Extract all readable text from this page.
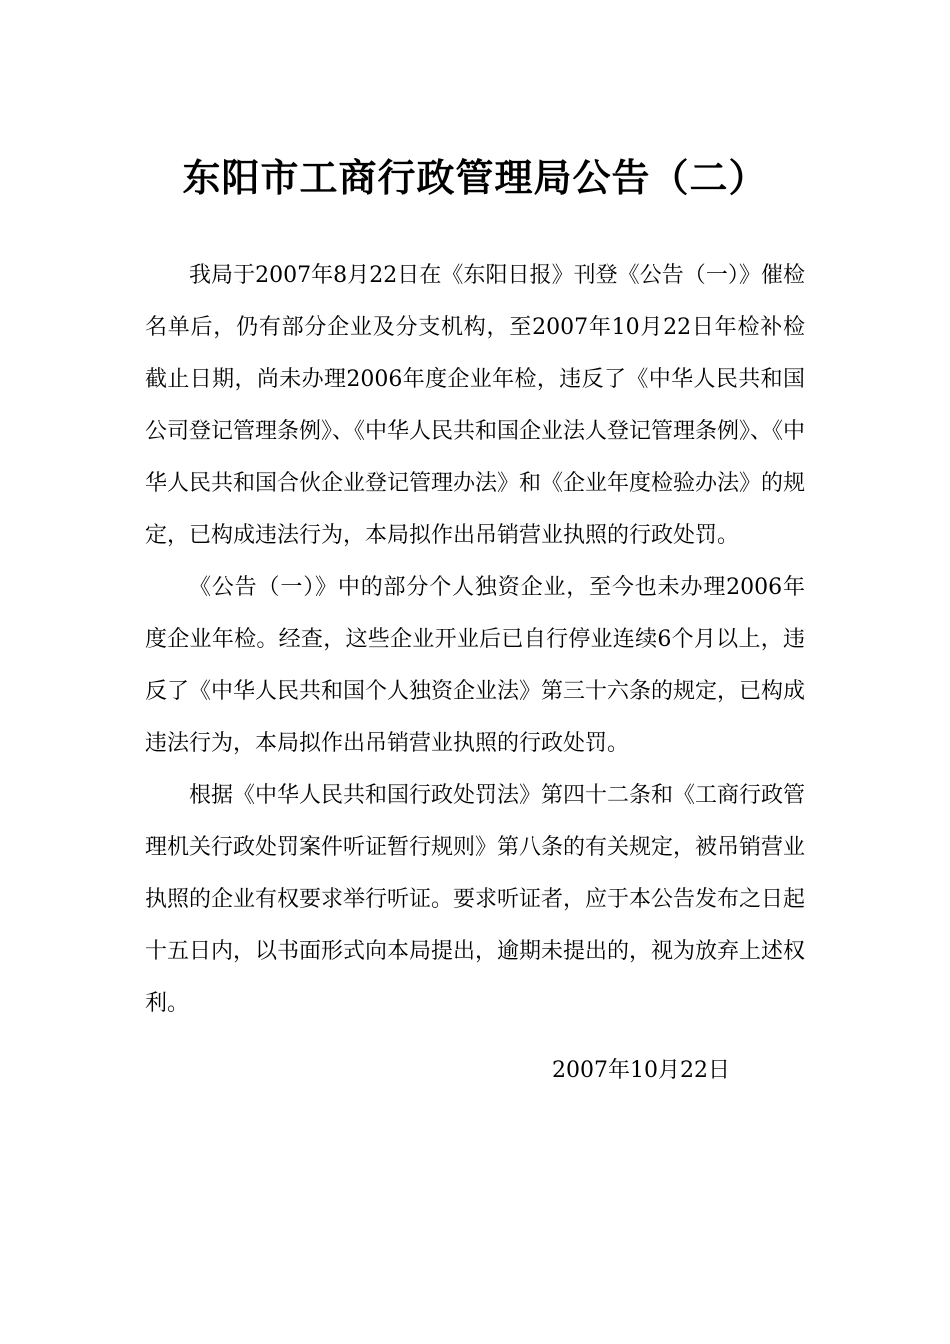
东阳市工商行政管理局公告（二）

我局于2007年8月22日在《东阳日报》刊登《公告（一）》催检名单后，仍有部分企业及分支机构，至2007年10月22日年检补检截止日期，尚未办理2006年度企业年检，违反了《中华人民共和国公司登记管理条例》、《中华人民共和国企业法人登记管理条例》、《中华人民共和国合伙企业登记管理办法》和《企业年度检验办法》的规定，已构成违法行为，本局拟作出吊销营业执照的行政处罚。

《公告（一）》中的部分个人独资企业，至今也未办理2006年度企业年检。经查，这些企业开业后已自行停业连续6个月以上，违反了《中华人民共和国个人独资企业法》第三十六条的规定，已构成违法行为，本局拟作出吊销营业执照的行政处罚。

根据《中华人民共和国行政处罚法》第四十二条和《工商行政管理机关行政处罚案件听证暂行规则》第八条的有关规定，被吊销营业执照的企业有权要求举行听证。要求听证者，应于本公告发布之日起十五日内，以书面形式向本局提出，逾期未提出的，视为放弃上述权利。

2007年10月22日
